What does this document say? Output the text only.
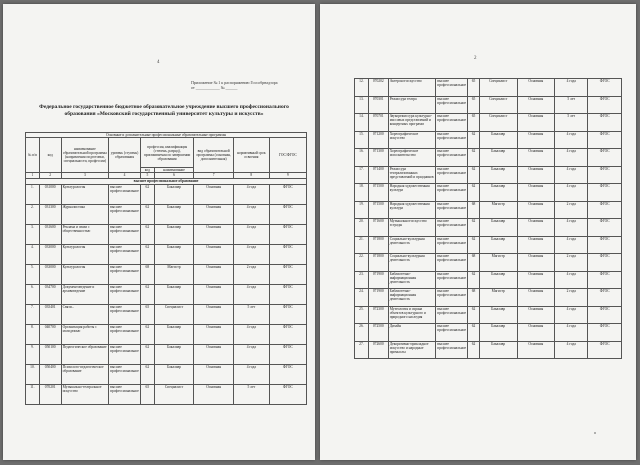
4
Приложение № 1 к распоряжению Госсобрнадзора
от ____________ № ______
Федеральное государственное бюджетное образовательное учреждение высшего профессионального образования «Московский государственный университет культуры и искусств»
Основные и дополнительные профессиональные образовательные программы								
№ п/п	код	наименование образовательной программы (направления подготовки, специальности, профессии)	уровень (ступень) образования	профессия, квалификация (степень, разряд), присваиваемая по завершении образования		вид образовательной программы (основная, дополнительная)	нормативный срок освоения	ГОС/ФГОС
				код	наименование			
1	2	3	4	5	6	7	8	9
высшее профессиональное образование								
1.	031000	Культурология	высшее профессиональное	62	Бакалавр	Основная	4 года	ФГОС
2.	031300	Журналистика	высшее профессиональное	62	Бакалавр	Основная	4 года	ФГОС
3.	031600	Реклама и связи с общественностью	высшее профессиональное	62	Бакалавр	Основная	4 года	ФГОС
4.	033000	Культурология	высшее профессиональное	62	Бакалавр	Основная	4 года	ФГОС
5.	033000	Культурология	высшее профессиональное	68	Магистр	Основная	2 года	ФГОС
6.	034700	Документоведение и архивоведение	высшее профессиональное	62	Бакалавр	Основная	4 года	ФГОС
7.	035401	Связи...	высшее профессиональное	65	Специалист	Основная	5 лет	ФГОС
8.	040700	Организация работы с молодежью	высшее профессиональное	62	Бакалавр	Основная	4 года	ФГОС
9.	050100	Педагогическое образование	высшее профессиональное	62	Бакалавр	Основная	4 года	ФГОС
10.	050400	Психолого-педагогическое образование	высшее профессиональное	62	Бакалавр	Основная	4 года	ФГОС
11.	070201	Музыкально-театральное искусство	высшее профессиональное	65	Специалист	Основная	5 лет	ФГОС
2
12.	070202	Актерское искусство	высшее профессиональное	65	Специалист	Основная	4 года	ФГОС
13.	070301	Режиссура театра	высшее профессиональное	65	Специалист	Основная	5 лет	ФГОС
14.	070701	Звукорежиссура культурно-массовых представлений и концертных программ	высшее профессиональное	65	Специалист	Основная	5 лет	ФГОС
15.	071200	Хореографическое искусство	высшее профессиональное	62	Бакалавр	Основная	4 года	ФГОС
16.	071300	Хореографическое исполнительство	высшее профессиональное	62	Бакалавр	Основная	4 года	ФГОС
17.	071400	Режиссура театрализованных представлений и праздников	высшее профессиональное	62	Бакалавр	Основная	4 года	ФГОС
18.	071500	Народная художественная культура	высшее профессиональное	62	Бакалавр	Основная	4 года	ФГОС
19.	071500	Народная художественная культура	высшее профессиональное	68	Магистр	Основная	2 года	ФГОС
20.	071600	Музыкальное искусство эстрады	высшее профессиональное	62	Бакалавр	Основная	4 года	ФГОС
21.	071800	Социально-культурная деятельность	высшее профессиональное	62	Бакалавр	Основная	4 года	ФГОС
22.	071800	Социально-культурная деятельность	высшее профессиональное	68	Магистр	Основная	2 года	ФГОС
23.	071900	Библиотечно-информационная деятельность	высшее профессиональное	62	Бакалавр	Основная	4 года	ФГОС
24.	071900	Библиотечно-информационная деятельность	высшее профессиональное	68	Магистр	Основная	2 года	ФГОС
25.	072300	Музеология и охрана объектов культурного и природного наследия	высшее профессиональное	62	Бакалавр	Основная	4 года	ФГОС
26.	072500	Дизайн	высшее профессиональное	62	Бакалавр	Основная	4 года	ФГОС
27.	072600	Декоративно-прикладное искусство и народные промыслы	высшее профессиональное	62	Бакалавр	Основная	4 года	ФГОС
